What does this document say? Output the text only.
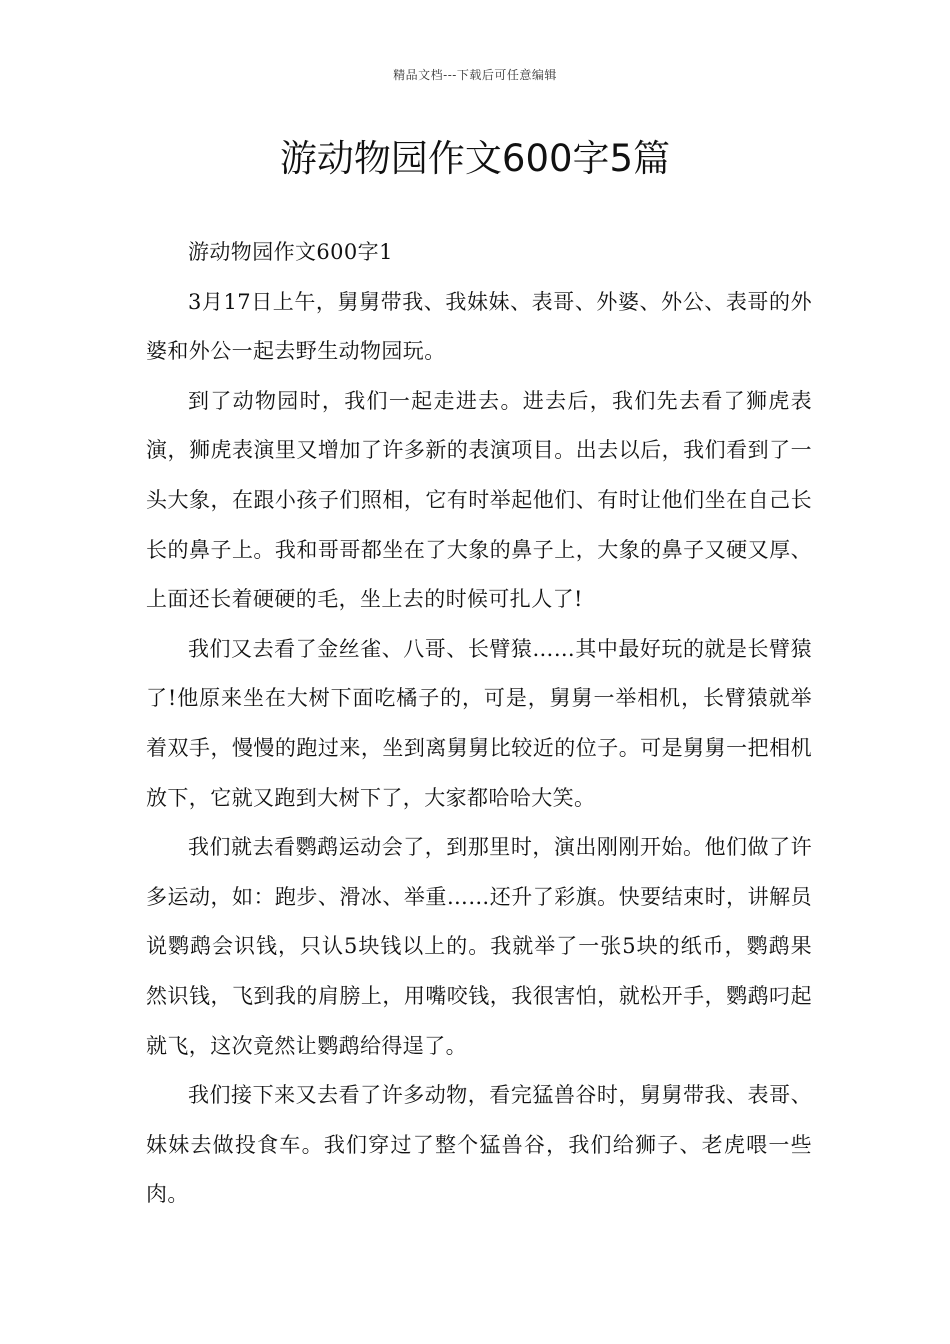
精品文档---下载后可任意编辑
游动物园作文600字5篇

游动物园作文600字1

3月17日上午，舅舅带我、我妹妹、表哥、外婆、外公、表哥的外婆和外公一起去野生动物园玩。

到了动物园时，我们一起走进去。进去后，我们先去看了狮虎表演，狮虎表演里又增加了许多新的表演项目。出去以后，我们看到了一头大象，在跟小孩子们照相，它有时举起他们、有时让他们坐在自己长长的鼻子上。我和哥哥都坐在了大象的鼻子上，大象的鼻子又硬又厚、上面还长着硬硬的毛，坐上去的时候可扎人了!

我们又去看了金丝雀、八哥、长臂猿……其中最好玩的就是长臂猿了!他原来坐在大树下面吃橘子的，可是，舅舅一举相机，长臂猿就举着双手，慢慢的跑过来，坐到离舅舅比较近的位子。可是舅舅一把相机放下，它就又跑到大树下了，大家都哈哈大笑。

我们就去看鹦鹉运动会了，到那里时，演出刚刚开始。他们做了许多运动，如：跑步、滑冰、举重……还升了彩旗。快要结束时，讲解员说鹦鹉会识钱，只认5块钱以上的。我就举了一张5块的纸币，鹦鹉果然识钱，飞到我的肩膀上，用嘴咬钱，我很害怕，就松开手，鹦鹉叼起就飞，这次竟然让鹦鹉给得逞了。

我们接下来又去看了许多动物，看完猛兽谷时，舅舅带我、表哥、妹妹去做投食车。我们穿过了整个猛兽谷，我们给狮子、老虎喂一些肉。
